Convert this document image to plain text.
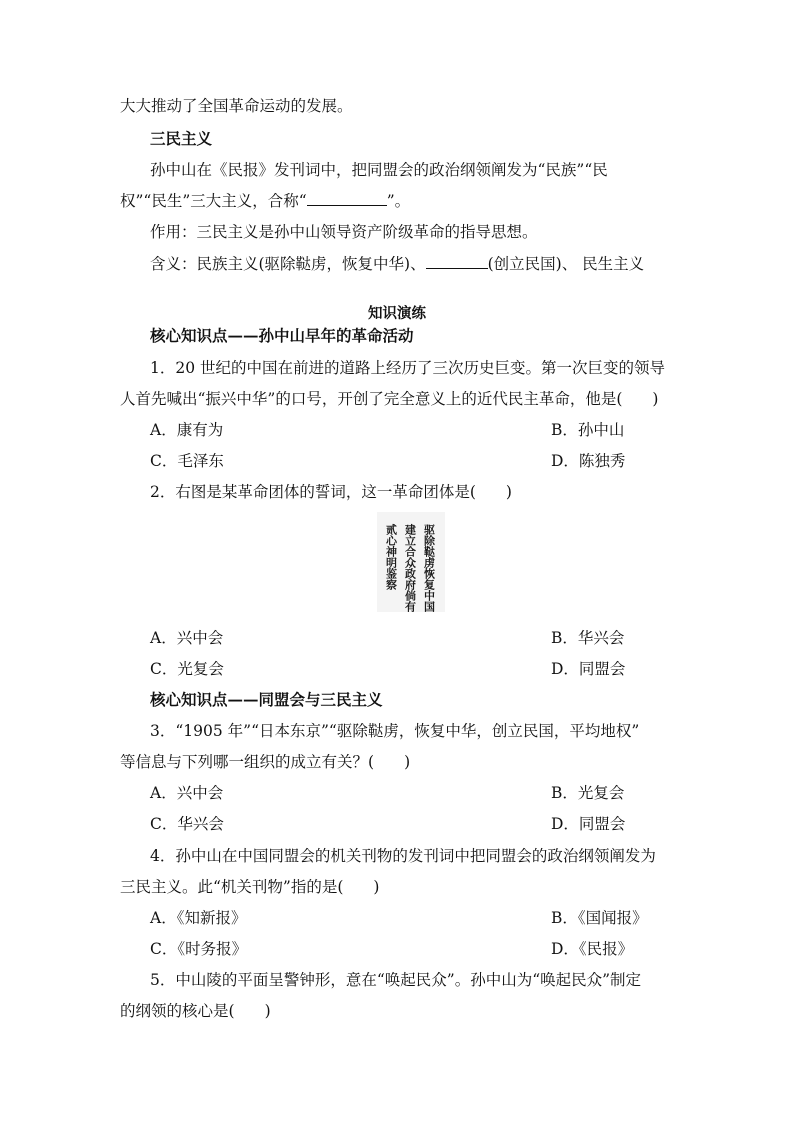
大大推动了全国革命运动的发展。
三民主义
孙中山在《民报》发刊词中，把同盟会的政治纲领阐发为“民族”“民
权”“民生”三大主义，合称“	”。
作用：三民主义是孙中山领导资产阶级革命的指导思想。
含义：民族主义(驱除鞑虏，恢复中华)、	(创立民国)、 民生主义
知识演练
核心知识点——孙中山早年的革命活动
1．20 世纪的中国在前进的道路上经历了三次历史巨变。第一次巨变的领导
人首先喊出“振兴中华”的口号，开创了完全意义上的近代民主革命，他是( )
A．康有为	B．孙中山
C．毛泽东	D．陈独秀
2．右图是某革命团体的誓词，这一革命团体是( )
驱除鞑虏恢复中国
建立合众政府倘有
贰心神明鉴察
A．兴中会	B．华兴会
C．光复会	D．同盟会
核心知识点——同盟会与三民主义
3．“1905 年”“日本东京”“驱除鞑虏，恢复中华，创立民国，平均地权”
等信息与下列哪一组织的成立有关？( )
A．兴中会	B．光复会
C．华兴会	D．同盟会
4．孙中山在中国同盟会的机关刊物的发刊词中把同盟会的政治纲领阐发为
三民主义。此“机关刊物”指的是( )
A．《知新报》	B．《国闻报》
C．《时务报》	D．《民报》
5．中山陵的平面呈警钟形，意在“唤起民众”。孙中山为“唤起民众”制定
的纲领的核心是( )
